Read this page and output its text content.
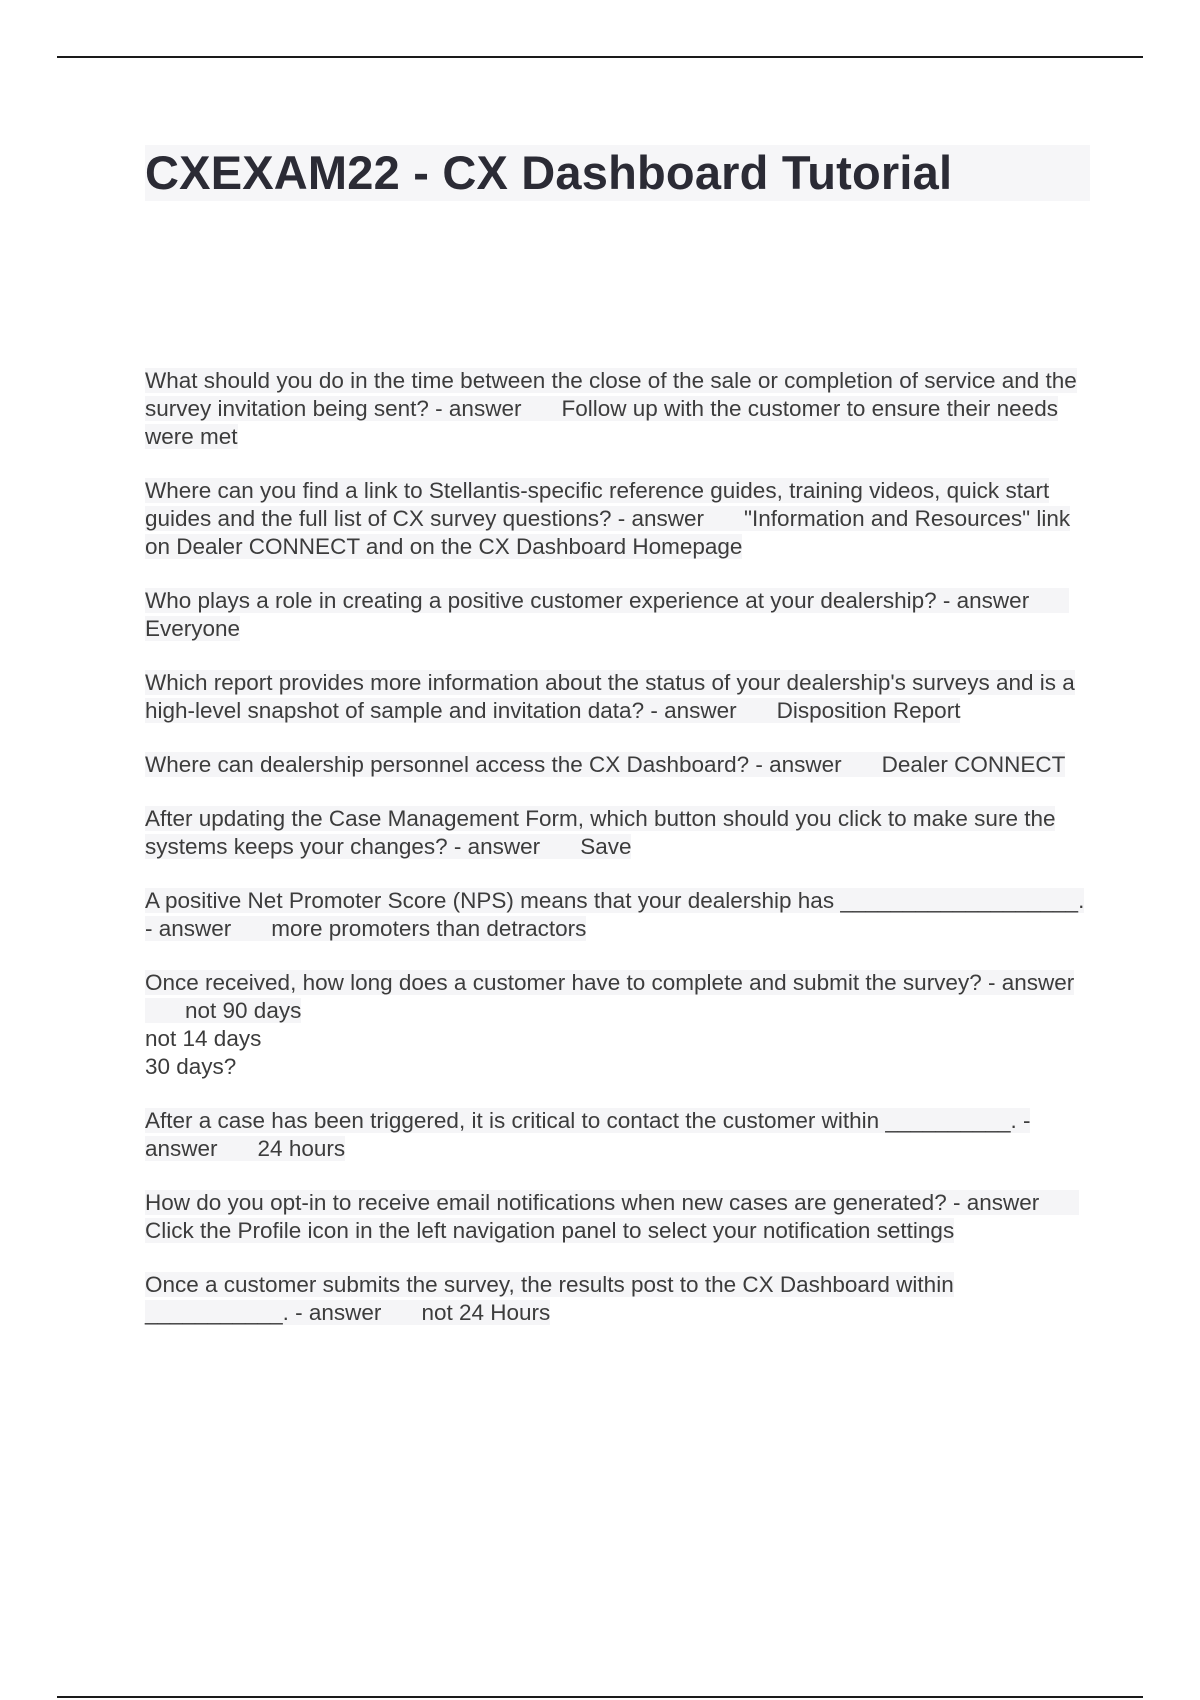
CXEXAM22 - CX Dashboard Tutorial

What should you do in the time between the close of the sale or completion of service and the survey invitation being sent? - answer Follow up with the customer to ensure their needs were met

Where can you find a link to Stellantis-specific reference guides, training videos, quick start guides and the full list of CX survey questions? - answer "Information and Resources" link on Dealer CONNECT and on the CX Dashboard Homepage

Who plays a role in creating a positive customer experience at your dealership? - answerEveryone

Which report provides more information about the status of your dealership's surveys and is a high-level snapshot of sample and invitation data? - answer Disposition Report

Where can dealership personnel access the CX Dashboard? - answer Dealer CONNECT

After updating the Case Management Form, which button should you click to make sure the systems keeps your changes? - answer Save

A positive Net Promoter Score (NPS) means that your dealership has ___________________. - answer more promoters than detractors

Once received, how long does a customer have to complete and submit the survey? - answernot 90 days
not 14 days
30 days?

After a case has been triggered, it is critical to contact the customer within __________. - answer 24 hours

How do you opt-in to receive email notifications when new cases are generated? - answerClick the Profile icon in the left navigation panel to select your notification settings

Once a customer submits the survey, the results post to the CX Dashboard within ___________. - answer not 24 Hours
